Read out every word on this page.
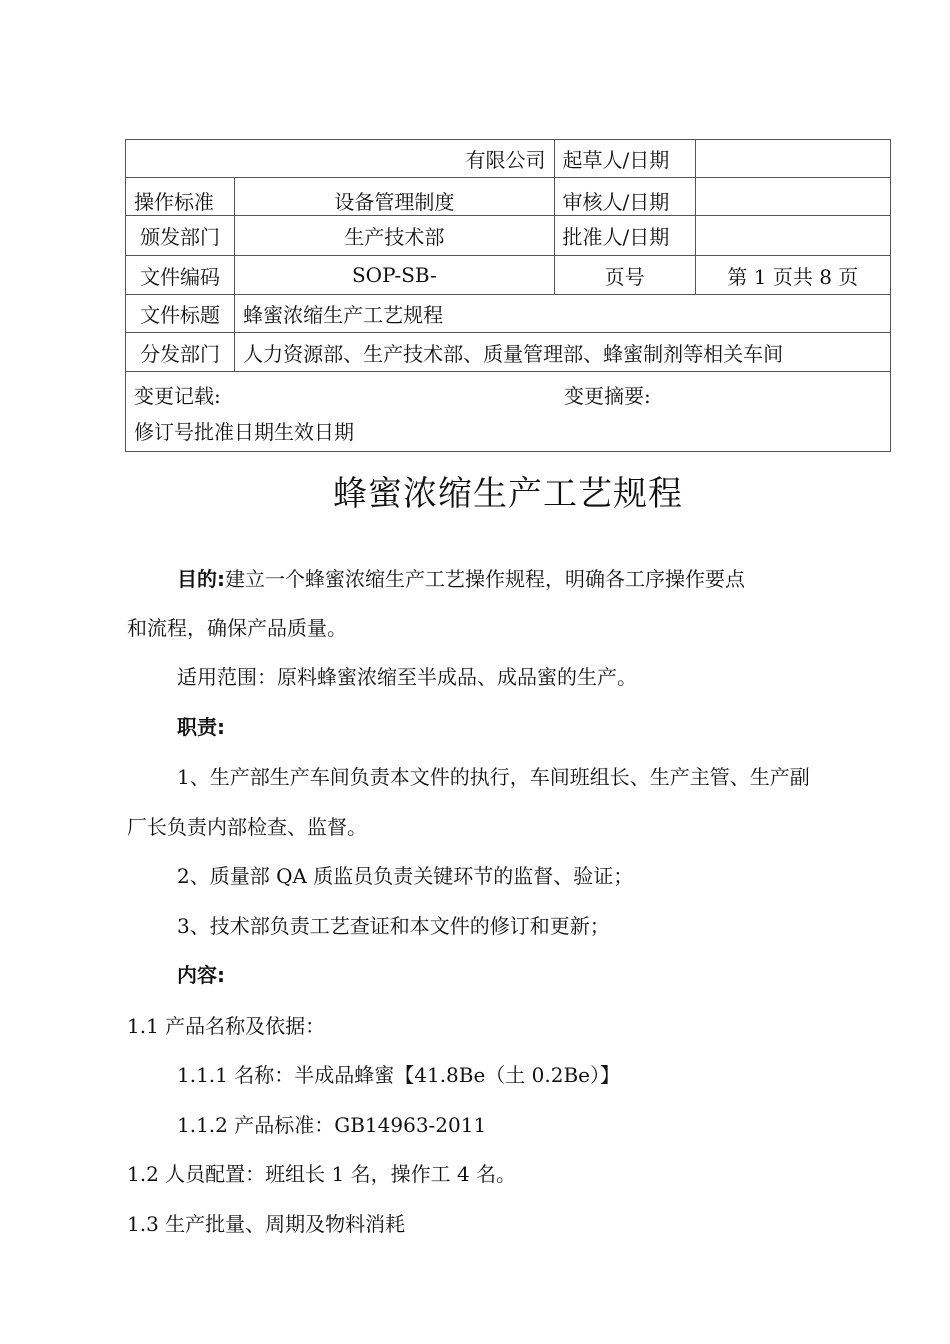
有限公司		起草人/日期	
操作标准	设备管理制度	审核人/日期	
颁发部门	生产技术部	批准人/日期	
文件编码	SOP-SB-	页号	第 1 页共 8 页
文件标题	蜂蜜浓缩生产工艺规程		
分发部门	人力资源部、生产技术部、质量管理部、蜂蜜制剂等相关车间		

变更记载: 变更摘要:
修订号批准日期生效日期			
蜂蜜浓缩生产工艺规程
目的:建立一个蜂蜜浓缩生产工艺操作规程，明确各工序操作要点
和流程，确保产品质量。
适用范围：原料蜂蜜浓缩至半成品、成品蜜的生产。
职责:
1、生产部生产车间负责本文件的执行，车间班组长、生产主管、生产副
厂长负责内部检查、监督。
2、质量部 QA 质监员负责关键环节的监督、验证；
3、技术部负责工艺查证和本文件的修订和更新；
内容:
1.1 产品名称及依据：
1.1.1 名称：半成品蜂蜜【41.8Be（土 0.2Be）】
1.1.2 产品标准：GB14963-2011
1.2 人员配置：班组长 1 名，操作工 4 名。
1.3 生产批量、周期及物料消耗
